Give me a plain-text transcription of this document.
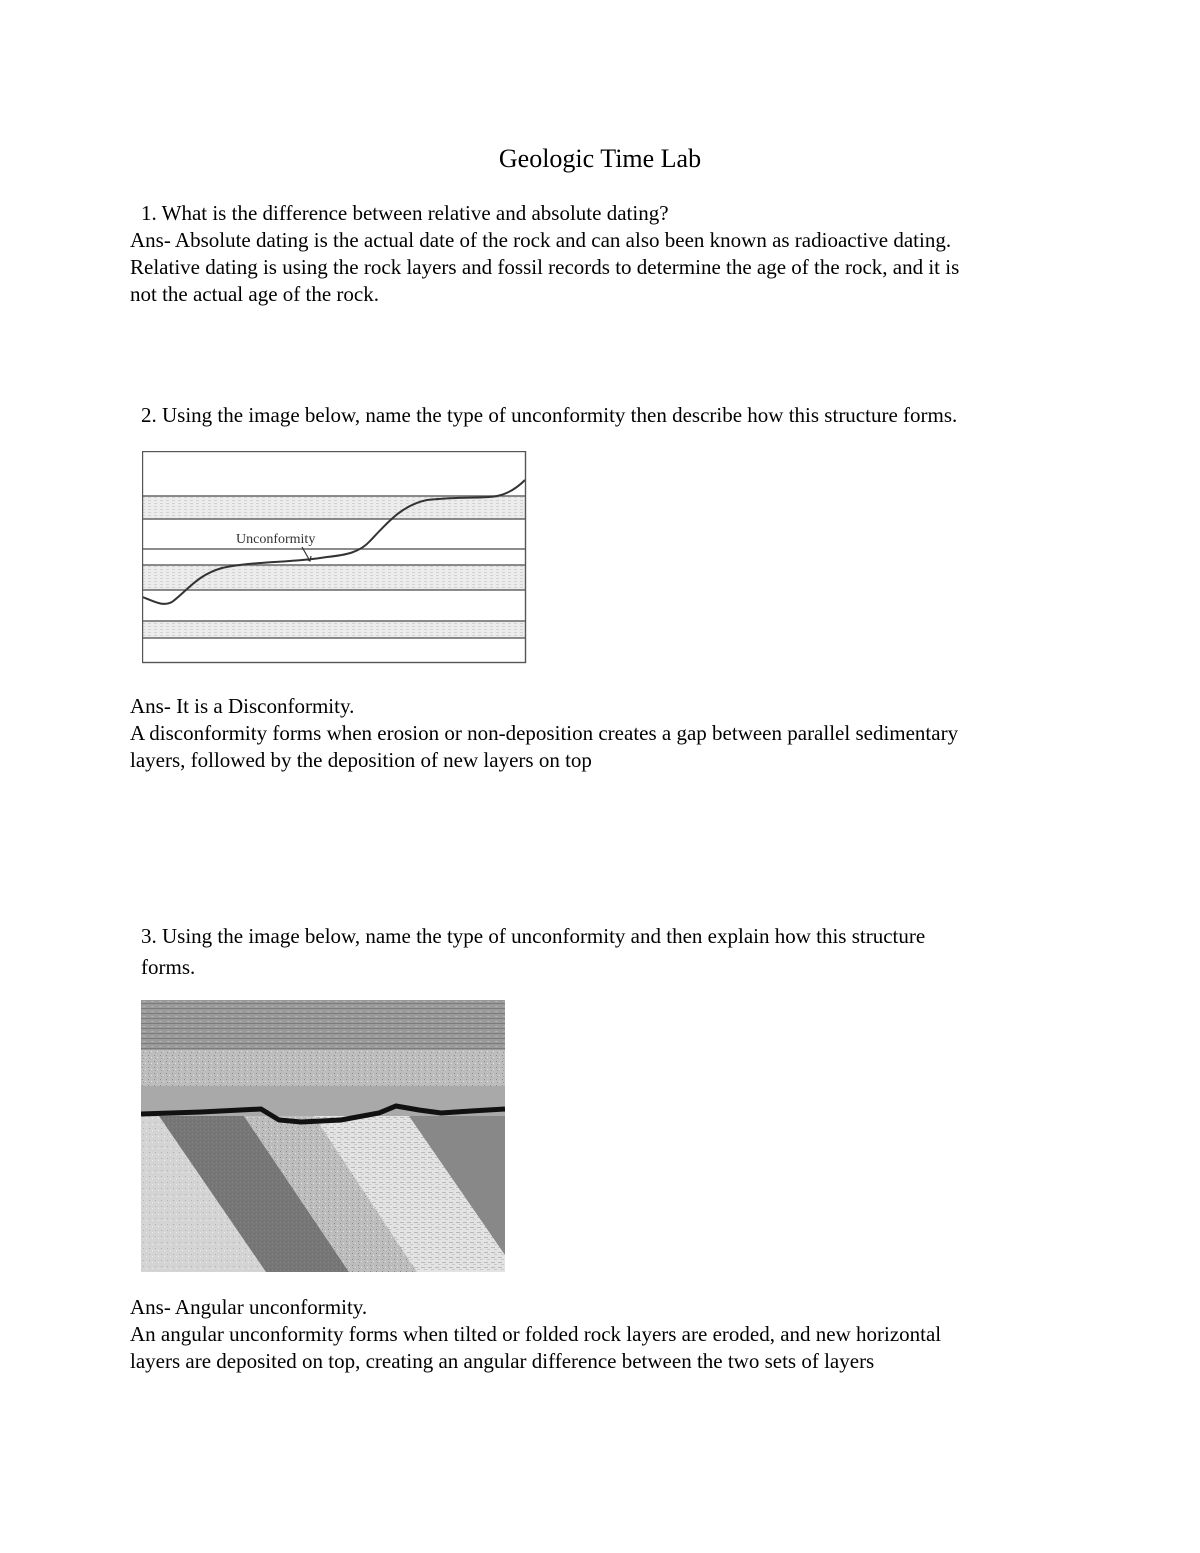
Geologic Time Lab
1. What is the difference between relative and absolute dating?
Ans- Absolute dating is the actual date of the rock and can also been known as radioactive dating.
Relative dating is using the rock layers and fossil records to determine the age of the rock, and it is
not the actual age of the rock.
2. Using the image below, name the type of unconformity then describe how this structure forms.
Unconformity
Ans- It is a Disconformity.
A disconformity forms when erosion or non-deposition creates a gap between parallel sedimentary
layers, followed by the deposition of new layers on top
3. Using the image below, name the type of unconformity and then explain how this structure
forms.
Ans- Angular unconformity.
An angular unconformity forms when tilted or folded rock layers are eroded, and new horizontal
layers are deposited on top, creating an angular difference between the two sets of layers
